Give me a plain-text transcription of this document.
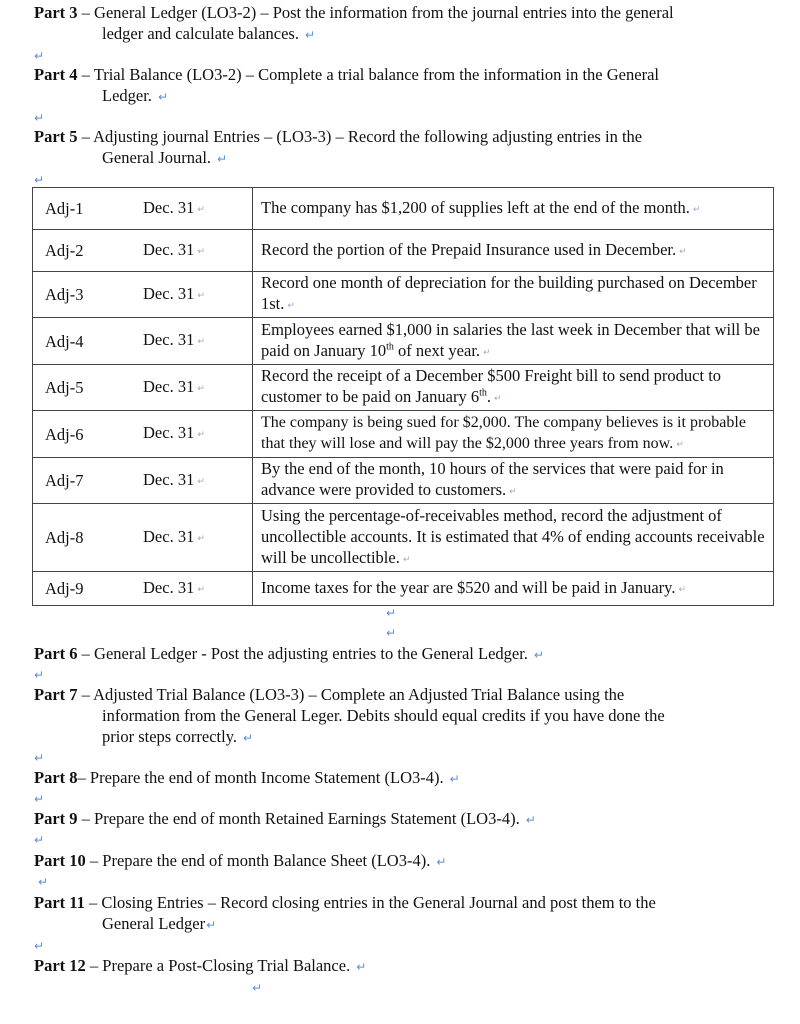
Part 3 – General Ledger (LO3-2) – Post the information from the journal entries into the general
ledger and calculate balances. ↵
↵
Part 4 – Trial Balance (LO3-2) – Complete a trial balance from the information in the General
Ledger. ↵
↵
Part 5 – Adjusting journal Entries – (LO3-3) – Record the following adjusting entries in the
General Journal. ↵
↵
Adj-1	Dec. 31 ↵	The company has $1,200 of supplies left at the end of the month. ↵
Adj-2	Dec. 31 ↵	Record the portion of the Prepaid Insurance used in December. ↵
Adj-3	Dec. 31 ↵	Record one month of depreciation for the building purchased on December 1st. ↵
Adj-4	Dec. 31 ↵	Employees earned $1,000 in salaries the last week in December that will be paid on January 10th of next year. ↵
Adj-5	Dec. 31 ↵	Record the receipt of a December $500 Freight bill to send product to customer to be paid on January 6th. ↵
Adj-6	Dec. 31 ↵	The company is being sued for $2,000. The company believes is it probable that they will lose and will pay the $2,000 three years from now. ↵
Adj-7	Dec. 31 ↵	By the end of the month, 10 hours of the services that were paid for in advance were provided to customers. ↵
Adj-8	Dec. 31 ↵	Using the percentage-of-receivables method, record the adjustment of uncollectible accounts. It is estimated that 4% of ending accounts receivable will be uncollectible. ↵
Adj-9	Dec. 31 ↵	Income taxes for the year are $520 and will be paid in January. ↵
↵
↵
Part 6 – General Ledger - Post the adjusting entries to the General Ledger. ↵
↵
Part 7 – Adjusted Trial Balance (LO3-3) – Complete an Adjusted Trial Balance using the
information from the General Leger. Debits should equal credits if you have done the
prior steps correctly. ↵
↵
Part 8– Prepare the end of month Income Statement (LO3-4). ↵
↵
Part 9 – Prepare the end of month Retained Earnings Statement (LO3-4). ↵
↵
Part 10 – Prepare the end of month Balance Sheet (LO3-4). ↵
↵
Part 11 – Closing Entries – Record closing entries in the General Journal and post them to the
General Ledger↵
↵
Part 12 – Prepare a Post-Closing Trial Balance. ↵
↵
